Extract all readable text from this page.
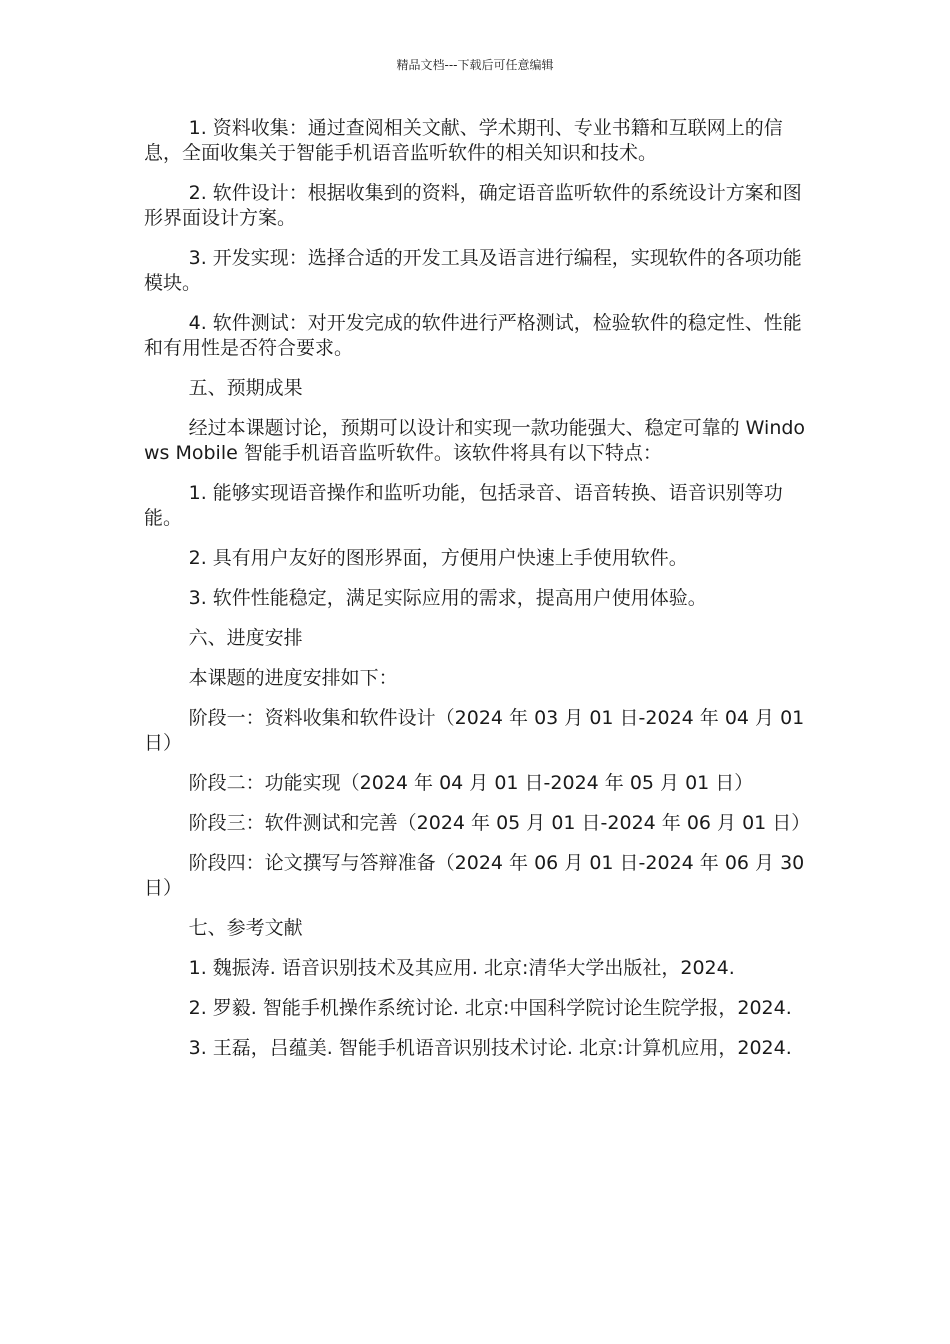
精品文档---下载后可任意编辑

1. 资料收集：通过查阅相关文献、学术期刊、专业书籍和互联网上的信息，全面收集关于智能手机语音监听软件的相关知识和技术。

2. 软件设计：根据收集到的资料，确定语音监听软件的系统设计方案和图形界面设计方案。

3. 开发实现：选择合适的开发工具及语言进行编程，实现软件的各项功能模块。

4. 软件测试：对开发完成的软件进行严格测试，检验软件的稳定性、性能和有用性是否符合要求。

五、预期成果

经过本课题讨论，预期可以设计和实现一款功能强大、稳定可靠的 Windows Mobile 智能手机语音监听软件。该软件将具有以下特点：

1. 能够实现语音操作和监听功能，包括录音、语音转换、语音识别等功能。

2. 具有用户友好的图形界面，方便用户快速上手使用软件。

3. 软件性能稳定，满足实际应用的需求，提高用户使用体验。

六、进度安排

本课题的进度安排如下：

阶段一：资料收集和软件设计（2024 年 03 月 01 日-2024 年 04 月 01 日）

阶段二：功能实现（2024 年 04 月 01 日-2024 年 05 月 01 日）

阶段三：软件测试和完善（2024 年 05 月 01 日-2024 年 06 月 01 日）

阶段四：论文撰写与答辩准备（2024 年 06 月 01 日-2024 年 06 月 30 日）

七、参考文献

1. 魏振涛. 语音识别技术及其应用. 北京:清华大学出版社，2024.

2. 罗毅. 智能手机操作系统讨论. 北京:中国科学院讨论生院学报，2024.

3. 王磊，吕蕴美. 智能手机语音识别技术讨论. 北京:计算机应用，2024.
